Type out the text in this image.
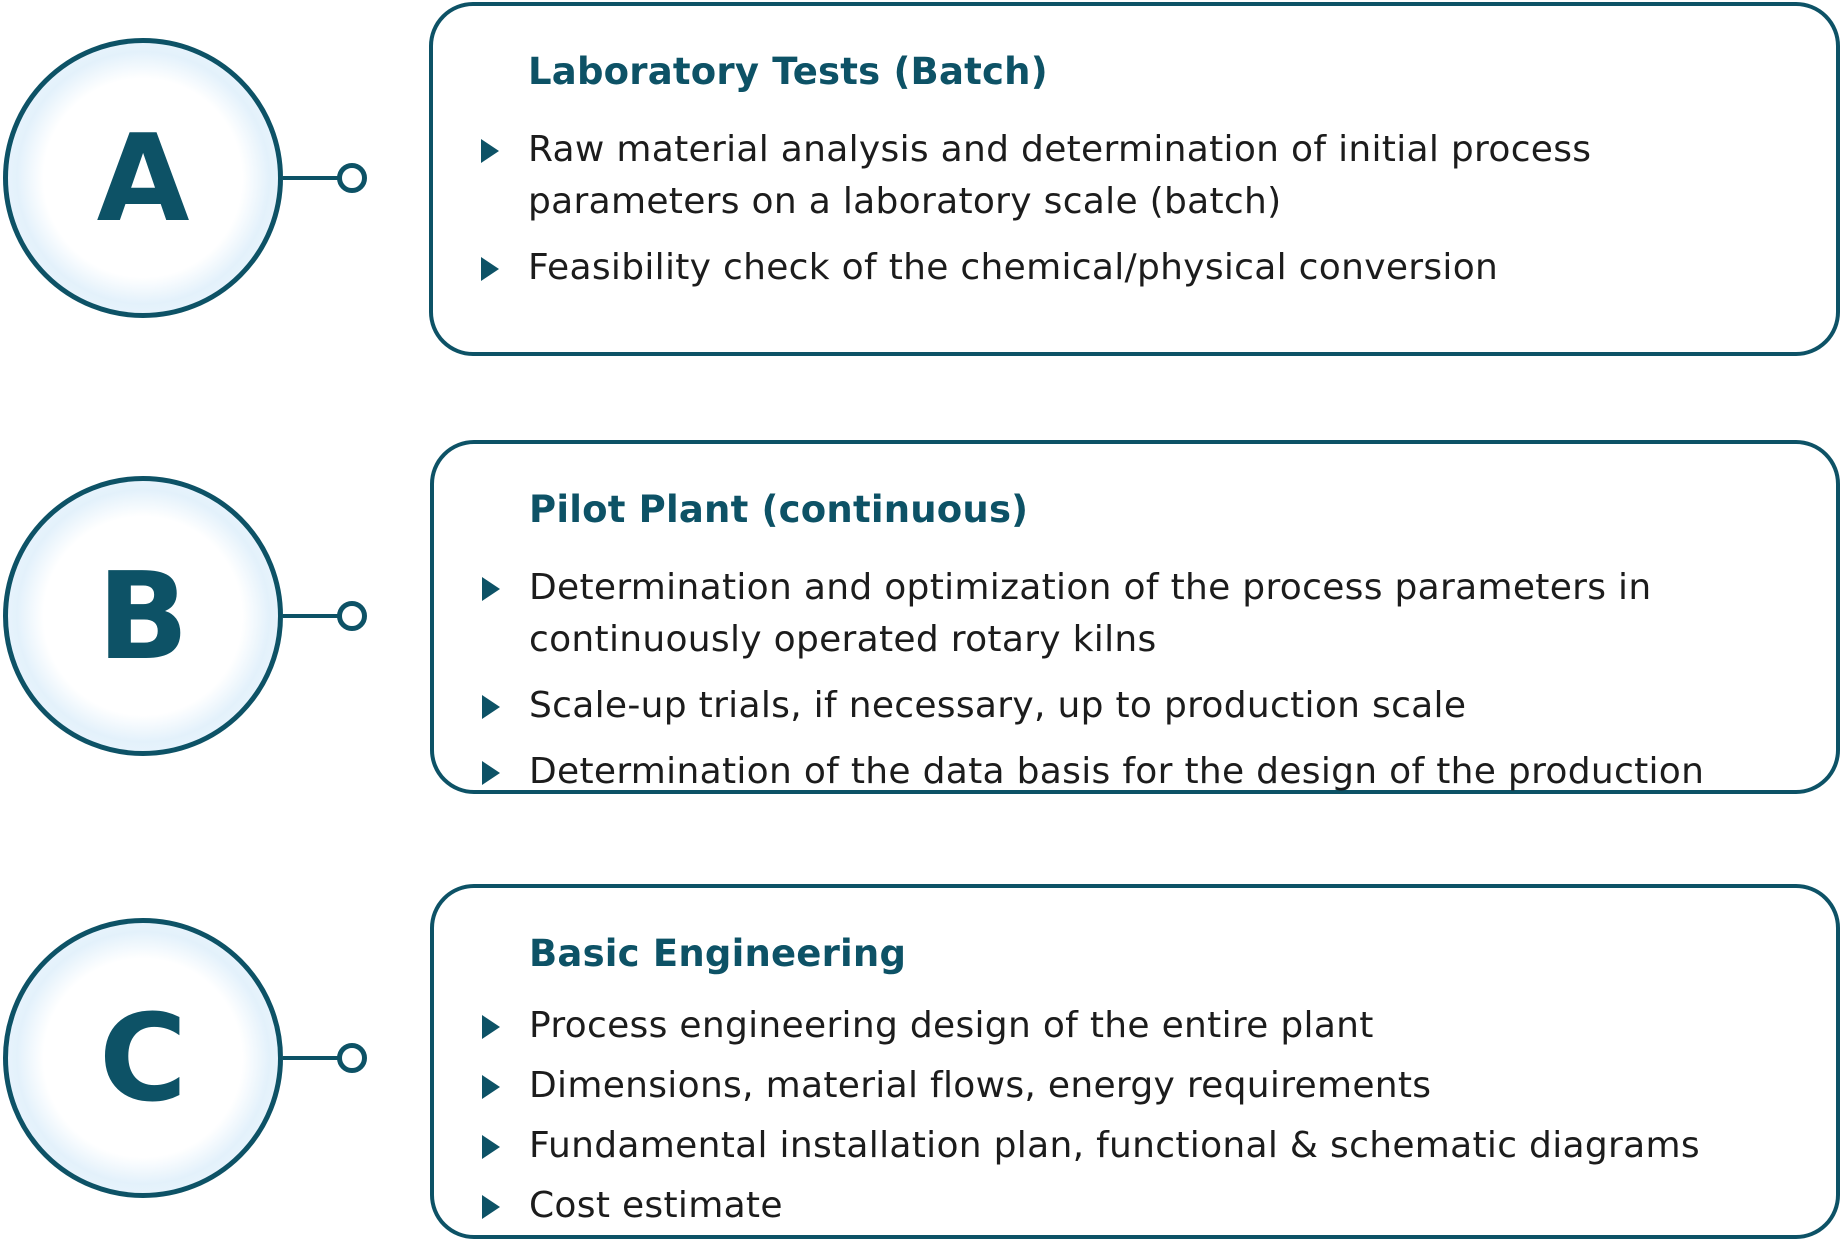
A
Laboratory Tests (Batch)
Raw material analysis and determination of initial process
parameters on a laboratory scale (batch)
Feasibility check of the chemical/physical conversion
B
Pilot Plant (continuous)
Determination and optimization of the process parameters in
continuously operated rotary kilns
Scale-up trials, if necessary, up to production scale
Determination of the data basis for the design of the production
C
Basic Engineering
Process engineering design of the entire plant
Dimensions, material flows, energy requirements
Fundamental installation plan, functional & schematic diagrams
Cost estimate
